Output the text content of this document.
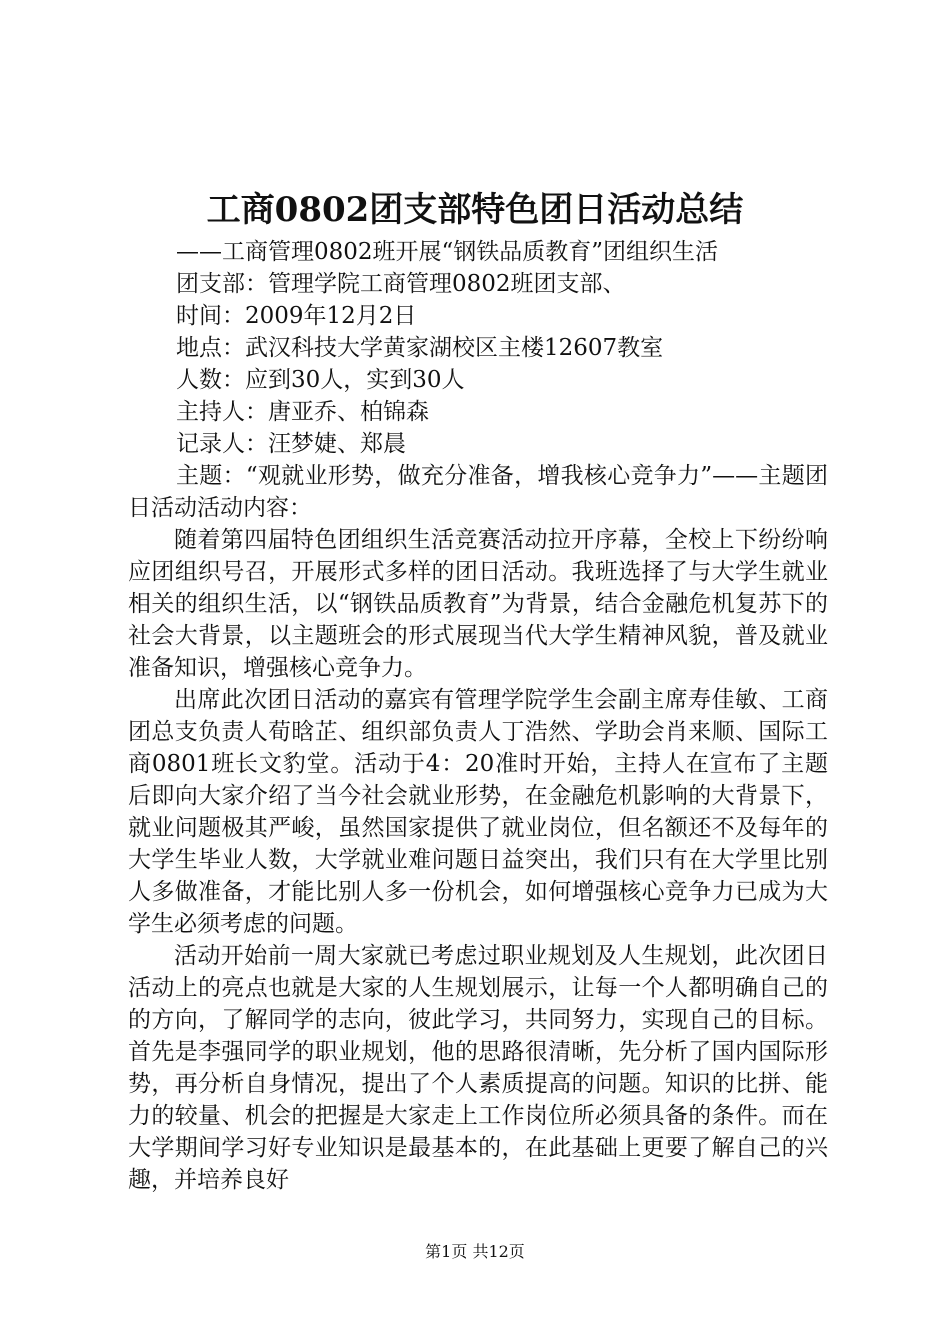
工商0802团支部特色团日活动总结
——工商管理0802班开展“钢铁品质教育”团组织生活
团支部：管理学院工商管理0802班团支部、
时间：2009年12月2日
地点：武汉科技大学黄家湖校区主楼12607教室
人数：应到30人，实到30人
主持人：唐亚乔、柏锦森
记录人：汪梦婕、郑晨

主题：“观就业形势，做充分准备，增我核心竞争力”——主题团日活动活动内容：

随着第四届特色团组织生活竞赛活动拉开序幕，全校上下纷纷响应团组织号召，开展形式多样的团日活动。我班选择了与大学生就业相关的组织生活，以“钢铁品质教育”为背景，结合金融危机复苏下的社会大背景，以主题班会的形式展现当代大学生精神风貌，普及就业准备知识，增强核心竞争力。

出席此次团日活动的嘉宾有管理学院学生会副主席寿佳敏、工商团总支负责人荀晗芷、组织部负责人丁浩然、学助会肖来顺、国际工商0801班长文豹堂。活动于4：20准时开始，主持人在宣布了主题后即向大家介绍了当今社会就业形势，在金融危机影响的大背景下，就业问题极其严峻，虽然国家提供了就业岗位，但名额还不及每年的大学生毕业人数，大学就业难问题日益突出，我们只有在大学里比别人多做准备，才能比别人多一份机会，如何增强核心竞争力已成为大学生必须考虑的问题。

活动开始前一周大家就已考虑过职业规划及人生规划，此次团日活动上的亮点也就是大家的人生规划展示，让每一个人都明确自己的的方向，了解同学的志向，彼此学习，共同努力，实现自己的目标。首先是李强同学的职业规划，他的思路很清晰，先分析了国内国际形势，再分析自身情况，提出了个人素质提高的问题。知识的比拼、能力的较量、机会的把握是大家走上工作岗位所必须具备的条件。而在大学期间学习好专业知识是最基本的，在此基础上更要了解自己的兴趣，并培养良好

第1页 共12页
